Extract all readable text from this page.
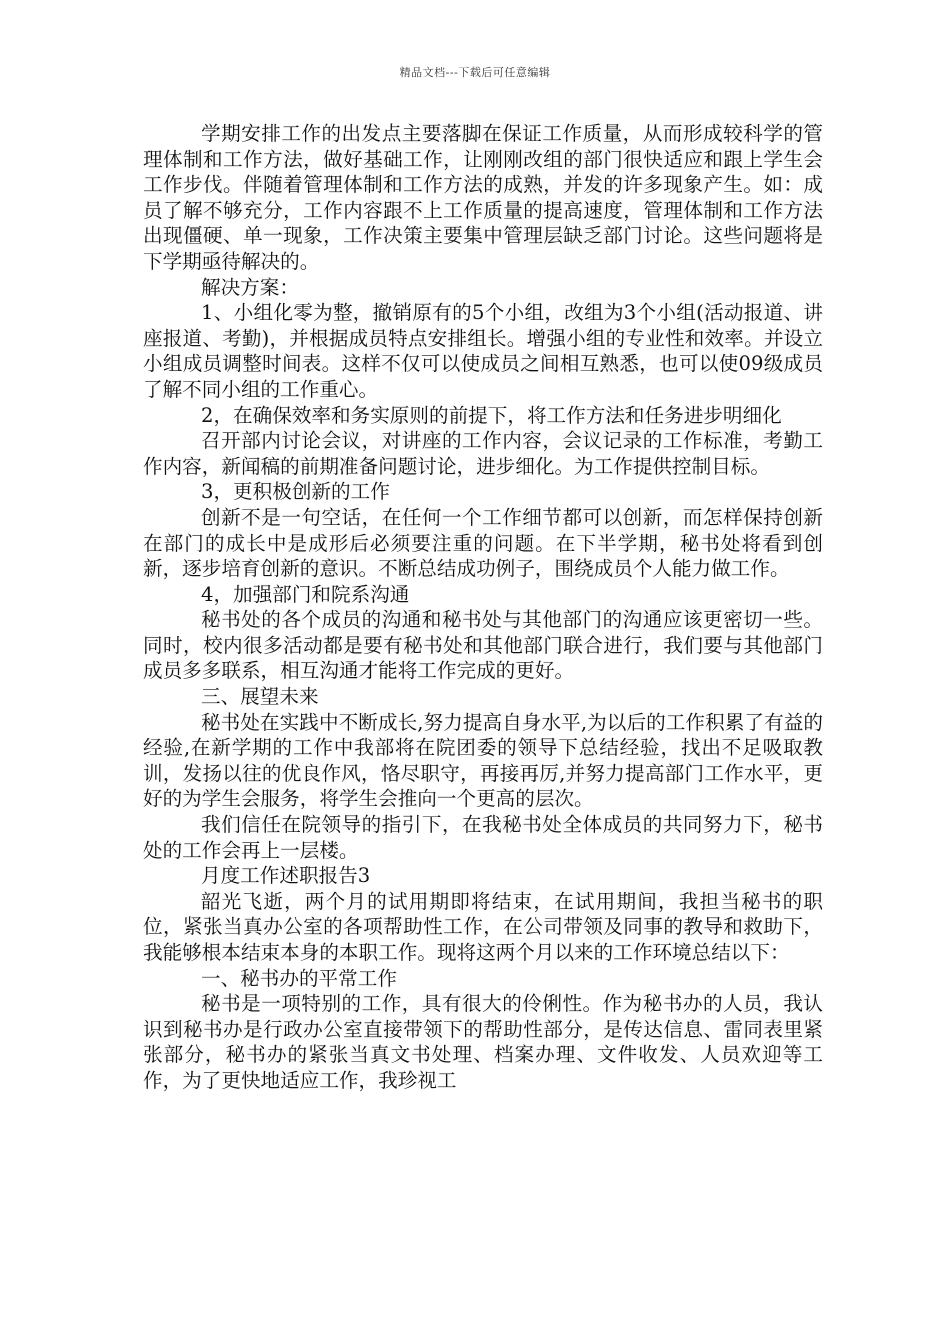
精品文档---下载后可任意编辑

学期安排工作的出发点主要落脚在保证工作质量，从而形成较科学的管理体制和工作方法，做好基础工作，让刚刚改组的部门很快适应和跟上学生会工作步伐。伴随着管理体制和工作方法的成熟，并发的许多现象产生。如：成员了解不够充分，工作内容跟不上工作质量的提高速度，管理体制和工作方法出现僵硬、单一现象，工作决策主要集中管理层缺乏部门讨论。这些问题将是下学期亟待解决的。

解决方案：

1、小组化零为整，撤销原有的5个小组，改组为3个小组(活动报道、讲座报道、考勤)，并根据成员特点安排组长。增强小组的专业性和效率。并设立小组成员调整时间表。这样不仅可以使成员之间相互熟悉，也可以使09级成员了解不同小组的工作重心。

2，在确保效率和务实原则的前提下，将工作方法和任务进步明细化

召开部内讨论会议，对讲座的工作内容，会议记录的工作标准，考勤工作内容，新闻稿的前期准备问题讨论，进步细化。为工作提供控制目标。

3，更积极创新的工作

创新不是一句空话，在任何一个工作细节都可以创新，而怎样保持创新在部门的成长中是成形后必须要注重的问题。在下半学期，秘书处将看到创新，逐步培育创新的意识。不断总结成功例子，围绕成员个人能力做工作。

4，加强部门和院系沟通

秘书处的各个成员的沟通和秘书处与其他部门的沟通应该更密切一些。同时，校内很多活动都是要有秘书处和其他部门联合进行，我们要与其他部门成员多多联系，相互沟通才能将工作完成的更好。

三、展望未来

秘书处在实践中不断成长,努力提高自身水平,为以后的工作积累了有益的经验,在新学期的工作中我部将在院团委的领导下总结经验，找出不足吸取教训，发扬以往的优良作风，恪尽职守，再接再厉,并努力提高部门工作水平，更好的为学生会服务，将学生会推向一个更高的层次。

我们信任在院领导的指引下，在我秘书处全体成员的共同努力下，秘书处的工作会再上一层楼。

月度工作述职报告3

韶光飞逝，两个月的试用期即将结束，在试用期间，我担当秘书的职位，紧张当真办公室的各项帮助性工作，在公司带领及同事的教导和救助下，我能够根本结束本身的本职工作。现将这两个月以来的工作环境总结以下：

一、秘书办的平常工作

秘书是一项特别的工作，具有很大的伶俐性。作为秘书办的人员，我认识到秘书办是行政办公室直接带领下的帮助性部分，是传达信息、雷同表里紧张部分，秘书办的紧张当真文书处理、档案办理、文件收发、人员欢迎等工作，为了更快地适应工作，我珍视工
